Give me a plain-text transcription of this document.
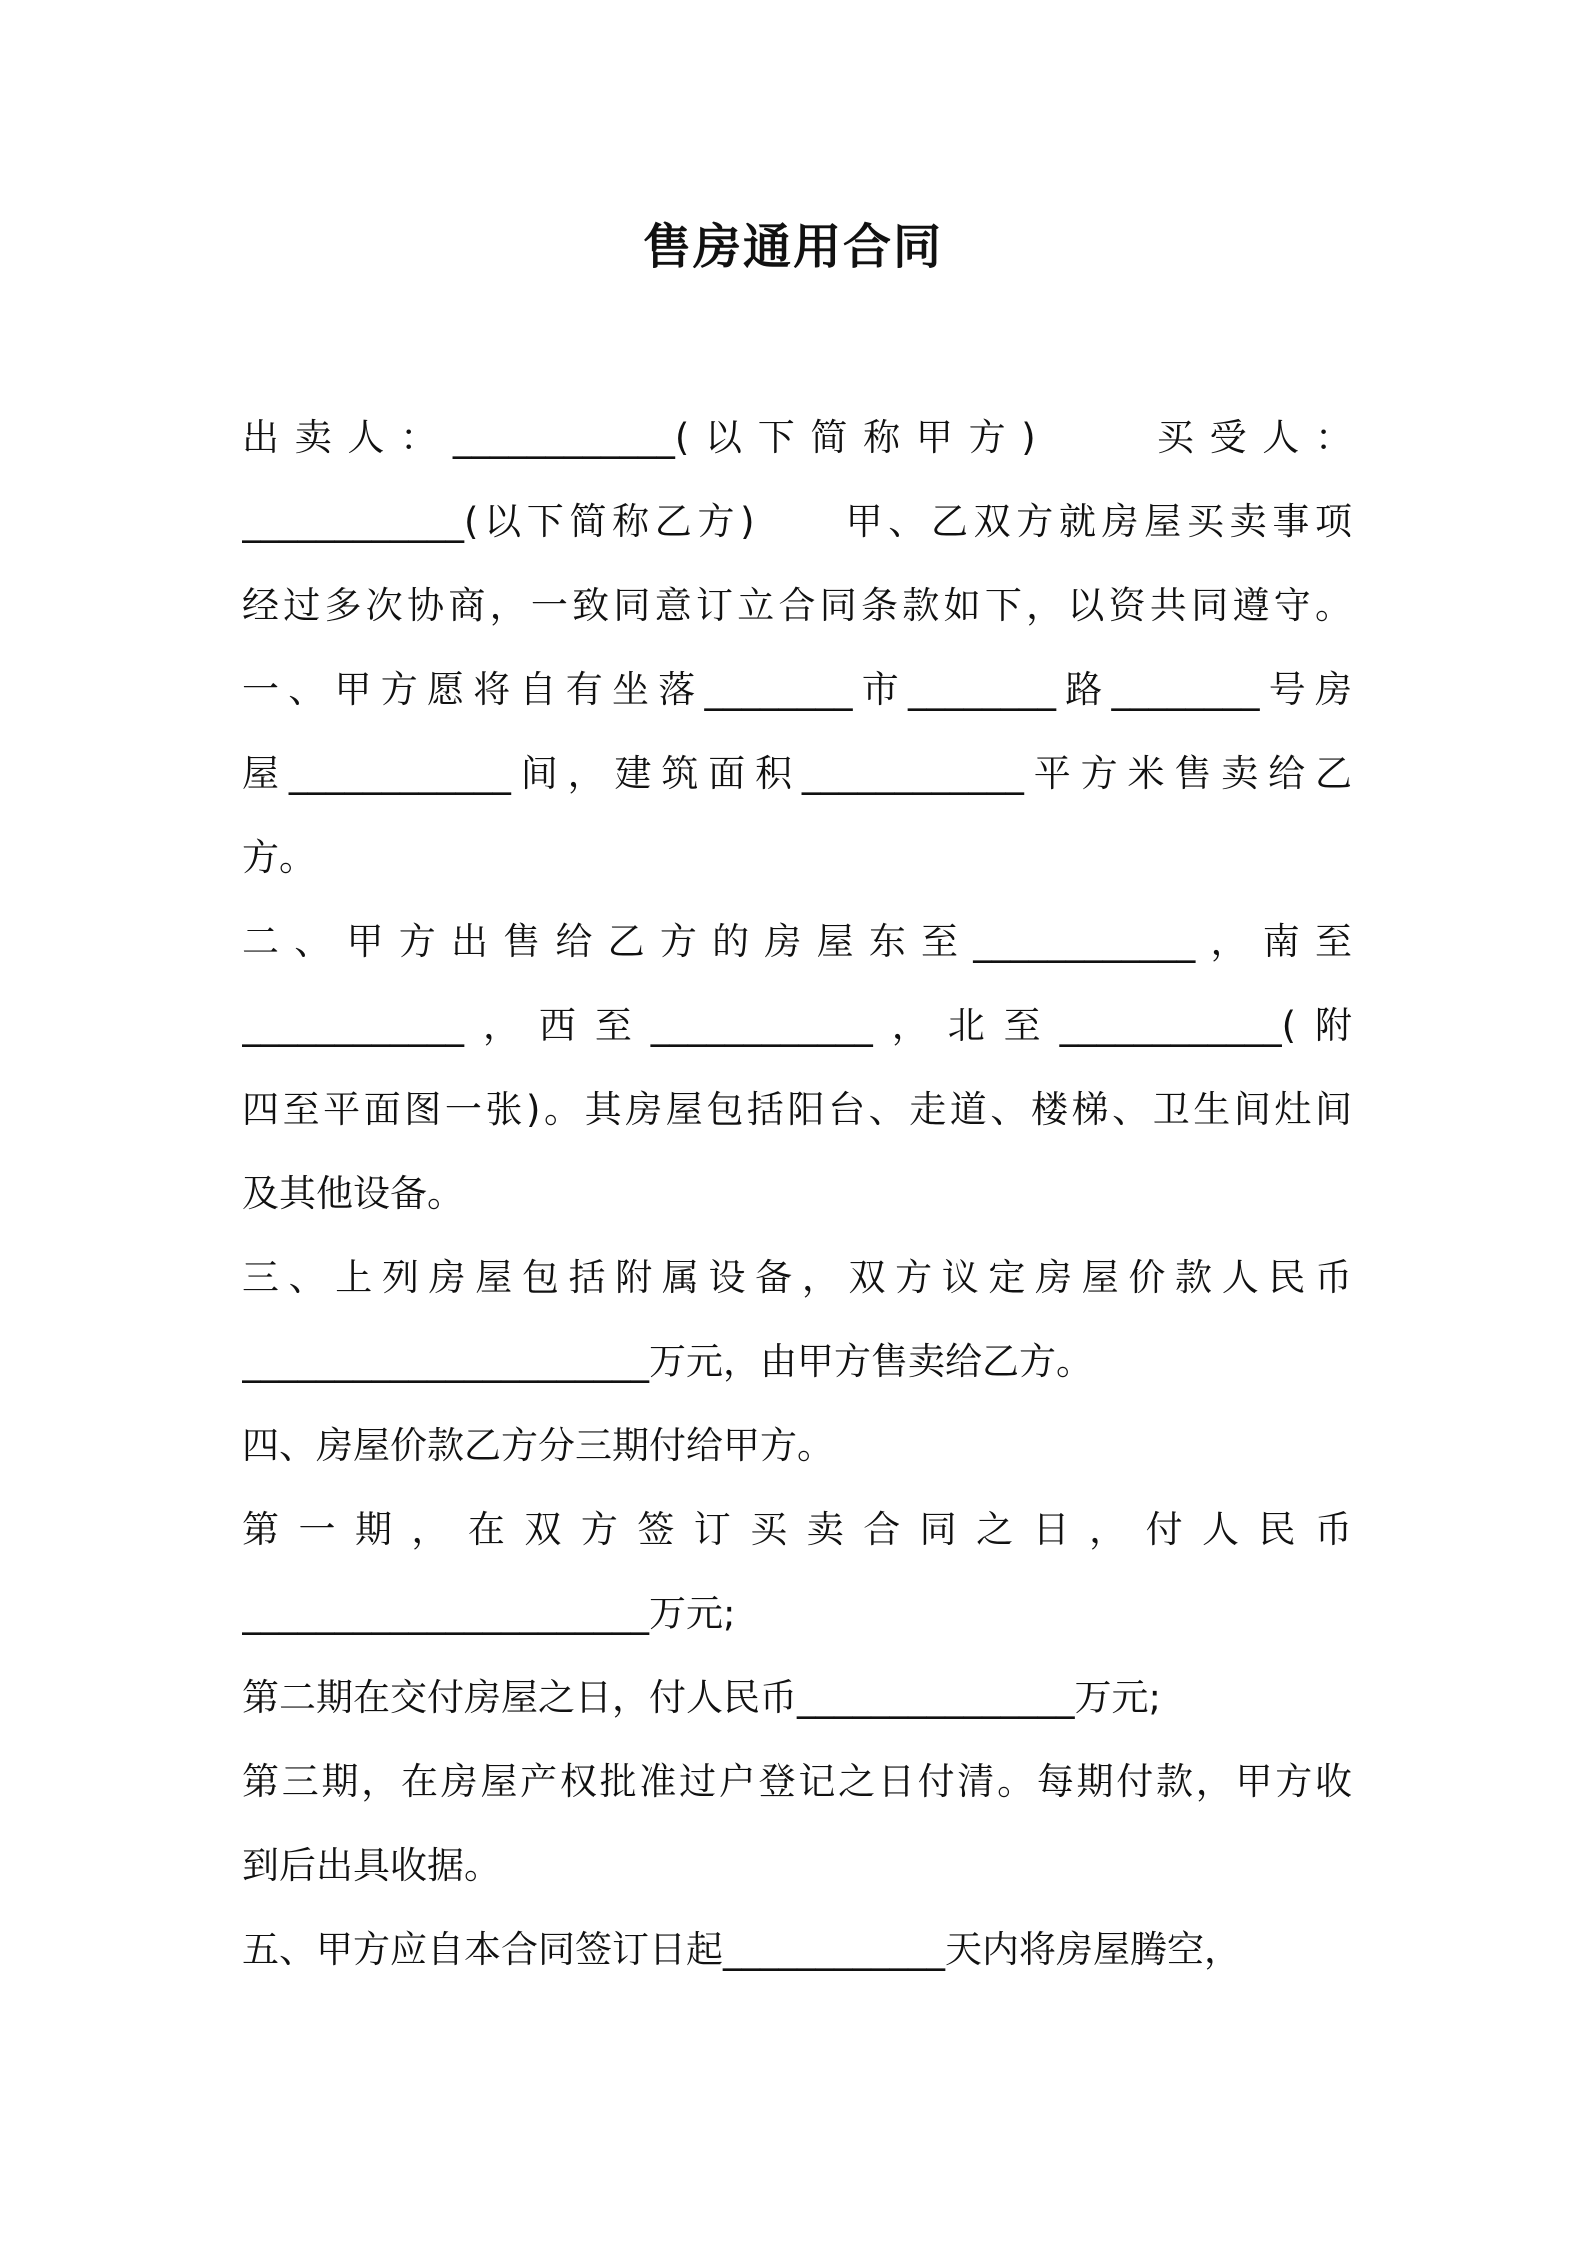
售房通用合同
出卖人：____________(以下简称甲方)　　买受人：
____________(以下简称乙方)　　甲、乙双方就房屋买卖事项
经过多次协商，一致同意订立合同条款如下，以资共同遵守。
一、甲方愿将自有坐落________市________路________号房
屋____________间，建筑面积____________平方米售卖给乙
方。
二、甲方出售给乙方的房屋东至____________，南至
____________，西至____________，北至____________(附
四至平面图一张)。其房屋包括阳台、走道、楼梯、卫生间灶间
及其他设备。
三、上列房屋包括附属设备，双方议定房屋价款人民币
______________________万元，由甲方售卖给乙方。
四、房屋价款乙方分三期付给甲方。
第一期，在双方签订买卖合同之日，付人民币
______________________万元;
第二期在交付房屋之日，付人民币_______________万元;
第三期，在房屋产权批准过户登记之日付清。每期付款，甲方收
到后出具收据。
五、甲方应自本合同签订日起____________天内将房屋腾空，
